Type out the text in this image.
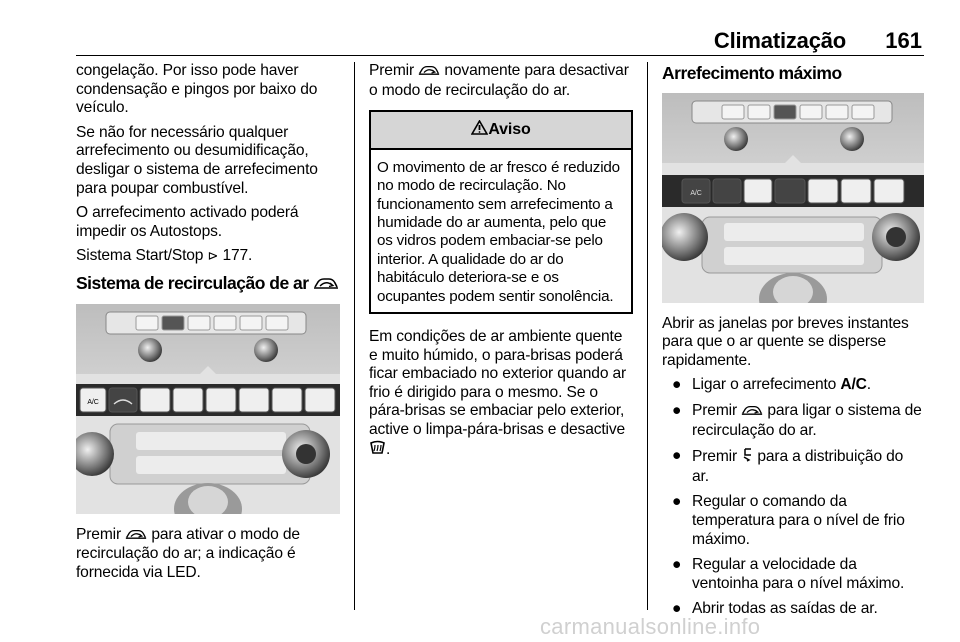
Climatização 161

congelação. Por isso pode haver condensação e pingos por baixo do veículo.

Se não for necessário qualquer arrefecimento ou desumidificação, desligar o sistema de arrefecimento para poupar combustível.

O arrefecimento activado poderá impedir os Autostops.

Sistema Start/Stop ⊳ 177.

Sistema de recirculação de ar
A/C

Premir para ativar o modo de recirculação do ar; a indicação é fornecida via LED.

Premir novamente para desactivar o modo de recirculação do ar.

Aviso
O movimento de ar fresco é reduzido no modo de recirculação. No funcionamento sem arrefecimento a humidade do ar aumenta, pelo que os vidros podem embaciar-se pelo interior. A qualidade do ar do habitáculo deteriora-se e os ocupantes podem sentir sonolência.

Em condições de ar ambiente quente e muito húmido, o para-brisas poderá ficar embaciado no exterior quando ar frio é dirigido para o mesmo. Se o pára-brisas se embaciar pelo exterior, active o limpa-pára-brisas e desactive .

Arrefecimento máximo
A/C

Abrir as janelas por breves instantes para que o ar quente se disperse rapidamente.

● Ligar o arrefecimento A/C.
● Premir para ligar o sistema de recirculação do ar.
● Premir para a distribuição do ar.
● Regular o comando da temperatura para o nível de frio máximo.
● Regular a velocidade da ventoinha para o nível máximo.
● Abrir todas as saídas de ar.
carmanualsonline.info
